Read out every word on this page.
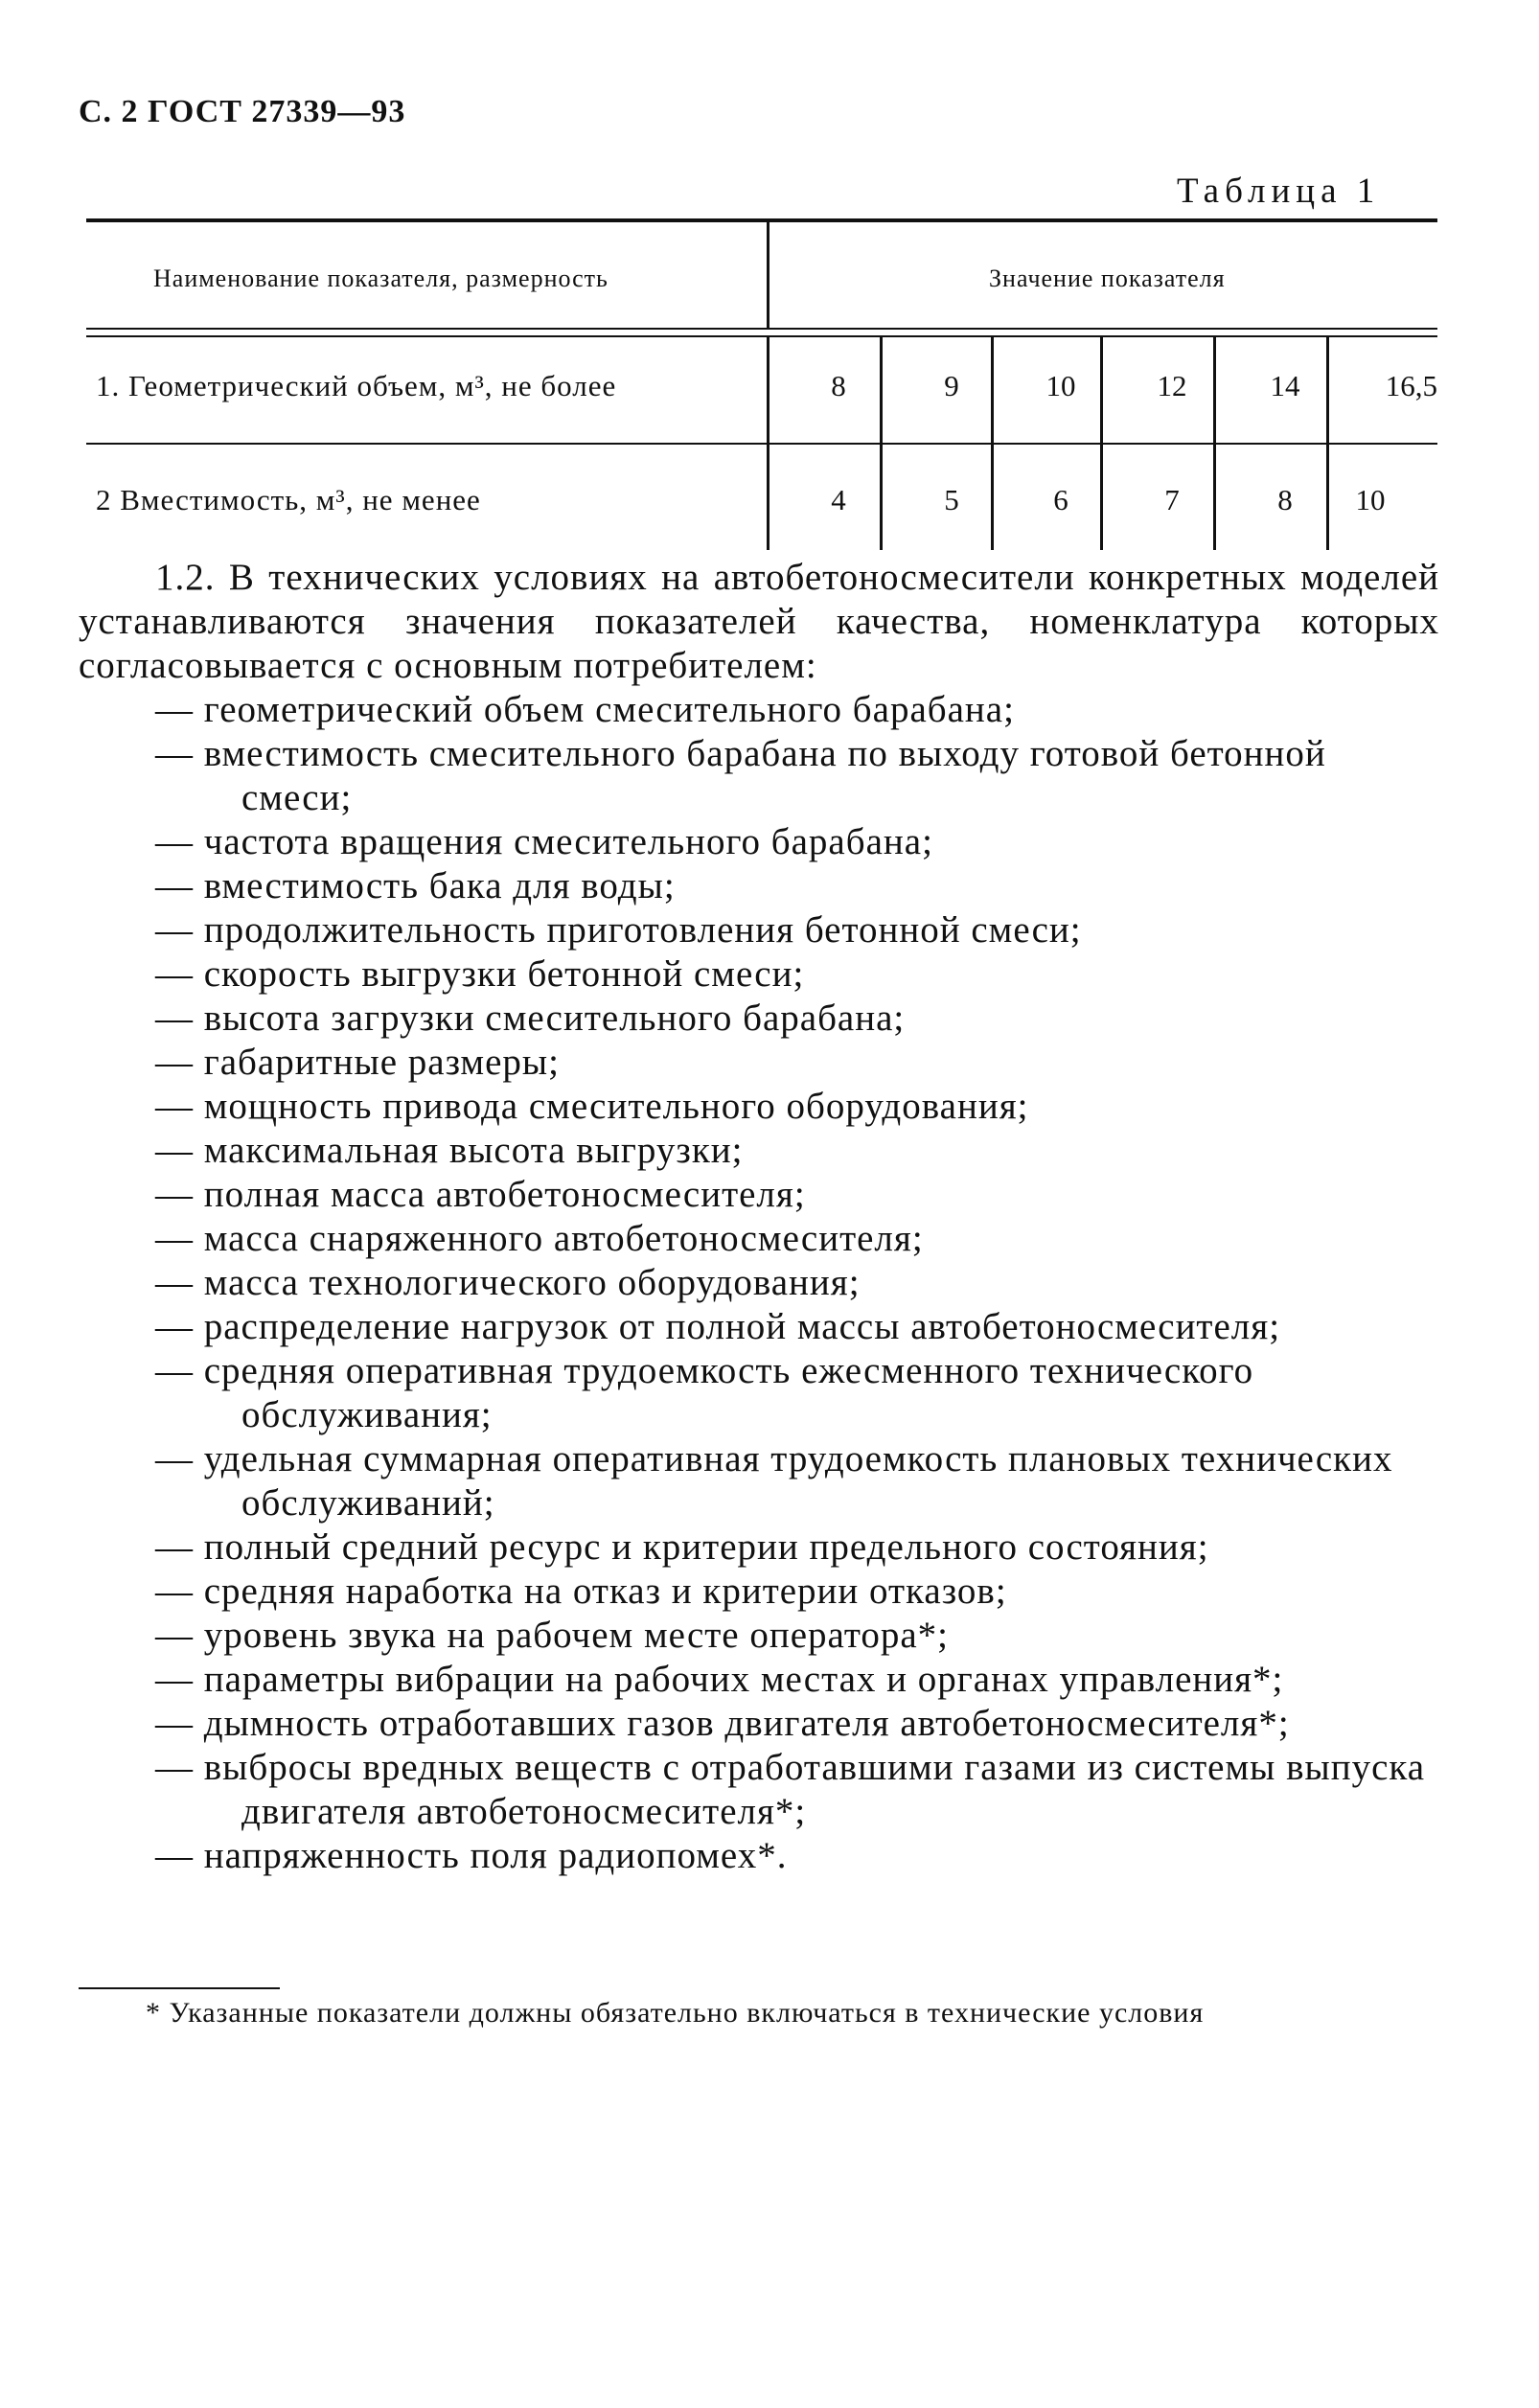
С. 2 ГОСТ 27339—93
Таблица 1
Наименование показателя, размерность	Значение показателя
1. Геометрический объем, м³, не более	8	9	10	12	14	16,5
2 Вместимость, м³, не менее	4	5	6	7	8	10

1.2. В технических условиях на автобетоносмесители конкретных моделей устанавливаются значения показателей качества, номенклатура которых согласовывается с основным потребителем:

— геометрический объем смесительного барабана;
— вместимость смесительного барабана по выходу готовой бетонной смеси;
— частота вращения смесительного барабана;
— вместимость бака для воды;
— продолжительность приготовления бетонной смеси;
— скорость выгрузки бетонной смеси;
— высота загрузки смесительного барабана;
— габаритные размеры;
— мощность привода смесительного оборудования;
— максимальная высота выгрузки;
— полная масса автобетоносмесителя;
— масса снаряженного автобетоносмесителя;
— масса технологического оборудования;
— распределение нагрузок от полной массы автобетоносмесителя;
— средняя оперативная трудоемкость ежесменного технического обслуживания;
— удельная суммарная оперативная трудоемкость плановых технических обслуживаний;
— полный средний ресурс и критерии предельного состояния;
— средняя наработка на отказ и критерии отказов;
— уровень звука на рабочем месте оператора*;
— параметры вибрации на рабочих местах и органах управления*;
— дымность отработавших газов двигателя автобетоносмесителя*;
— выбросы вредных веществ с отработавшими газами из системы выпуска двигателя автобетоносмесителя*;
— напряженность поля радиопомех*.
* Указанные показатели должны обязательно включаться в технические условия
